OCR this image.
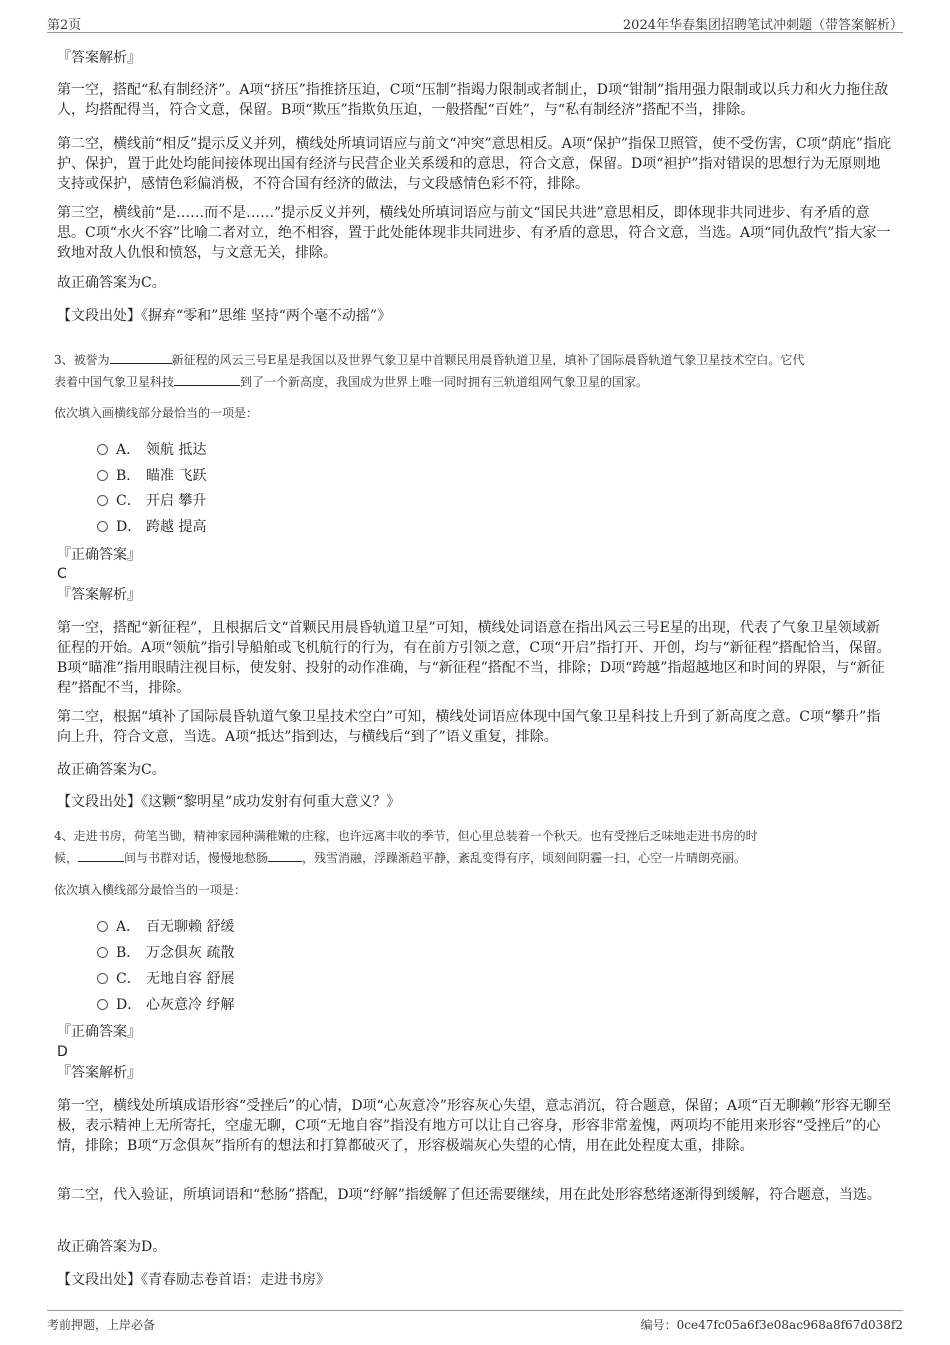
第2页	2024年华春集团招聘笔试冲刺题（带答案解析）
『答案解析』
第一空，搭配“私有制经济”。A项“挤压”指推挤压迫，C项“压制”指竭力限制或者制止，D项“钳制”指用强力限制或以兵力和火力拖住敌人，均搭配得当，符合文意，保留。B项“欺压”指欺负压迫，一般搭配“百姓”，与“私有制经济”搭配不当，排除。
第二空，横线前“相反”提示反义并列，横线处所填词语应与前文“冲突”意思相反。A项“保护”指保卫照管，使不受伤害，C项“荫庇”指庇护、保护，置于此处均能间接体现出国有经济与民营企业关系缓和的意思，符合文意，保留。D项“袒护”指对错误的思想行为无原则地支持或保护，感情色彩偏消极，不符合国有经济的做法，与文段感情色彩不符，排除。
第三空，横线前“是……而不是……”提示反义并列，横线处所填词语应与前文“国民共进”意思相反，即体现非共同进步、有矛盾的意思。C项“水火不容”比喻二者对立，绝不相容，置于此处能体现非共同进步、有矛盾的意思，符合文意，当选。A项“同仇敌忾”指大家一致地对敌人仇恨和愤怒，与文意无关，排除。
故正确答案为C。
【文段出处】《摒弃“零和”思维 坚持“两个毫不动摇”》
3、被誉为	新征程的风云三号E星是我国以及世界气象卫星中首颗民用晨昏轨道卫星，填补了国际晨昏轨道气象卫星技术空白。它代
表着中国气象卫星科技	到了一个新高度，我国成为世界上唯一同时拥有三轨道组网气象卫星的国家。
依次填入画横线部分最恰当的一项是：
A． 领航 抵达
B． 瞄准 飞跃
C． 开启 攀升
D． 跨越 提高
『正确答案』
C
『答案解析』
第一空，搭配“新征程”，且根据后文“首颗民用晨昏轨道卫星”可知，横线处词语意在指出风云三号E星的出现，代表了气象卫星领域新征程的开始。A项“领航”指引导船舶或飞机航行的行为，有在前方引领之意，C项“开启”指打开、开创，均与“新征程”搭配恰当，保留。B项“瞄准”指用眼睛注视目标，使发射、投射的动作准确，与“新征程”搭配不当，排除；D项“跨越”指超越地区和时间的界限，与“新征程”搭配不当，排除。
第二空，根据“填补了国际晨昏轨道气象卫星技术空白”可知，横线处词语应体现中国气象卫星科技上升到了新高度之意。C项“攀升”指向上升，符合文意，当选。A项“抵达”指到达，与横线后“到了”语义重复，排除。
故正确答案为C。
【文段出处】《这颗“黎明星”成功发射有何重大意义？》
4、走进书房，荷笔当锄，精神家园种满稚嫩的庄稼，也许远离丰收的季节，但心里总装着一个秋天。也有受挫后乏味地走进书房的时
候，	间与书群对话，慢慢地愁肠	，残雪消融，浮躁渐趋平静，紊乱变得有序，顷刻间阴霾一扫，心空一片晴朗亮丽。
依次填入横线部分最恰当的一项是：
A． 百无聊赖 舒缓
B． 万念俱灰 疏散
C． 无地自容 舒展
D． 心灰意冷 纾解
『正确答案』
D
『答案解析』
第一空，横线处所填成语形容“受挫后”的心情，D项“心灰意冷”形容灰心失望，意志消沉，符合题意，保留；A项“百无聊赖”形容无聊至极，表示精神上无所寄托，空虚无聊，C项“无地自容”指没有地方可以让自己容身，形容非常羞愧，两项均不能用来形容“受挫后”的心情，排除；B项“万念俱灰”指所有的想法和打算都破灭了，形容极端灰心失望的心情，用在此处程度太重，排除。
第二空，代入验证，所填词语和“愁肠”搭配，D项“纾解”指缓解了但还需要继续，用在此处形容愁绪逐渐得到缓解，符合题意，当选。
故正确答案为D。
【文段出处】《青春励志卷首语：走进书房》
考前押题，上岸必备	编号：0ce47fc05a6f3e08ac968a8f67d038f2
